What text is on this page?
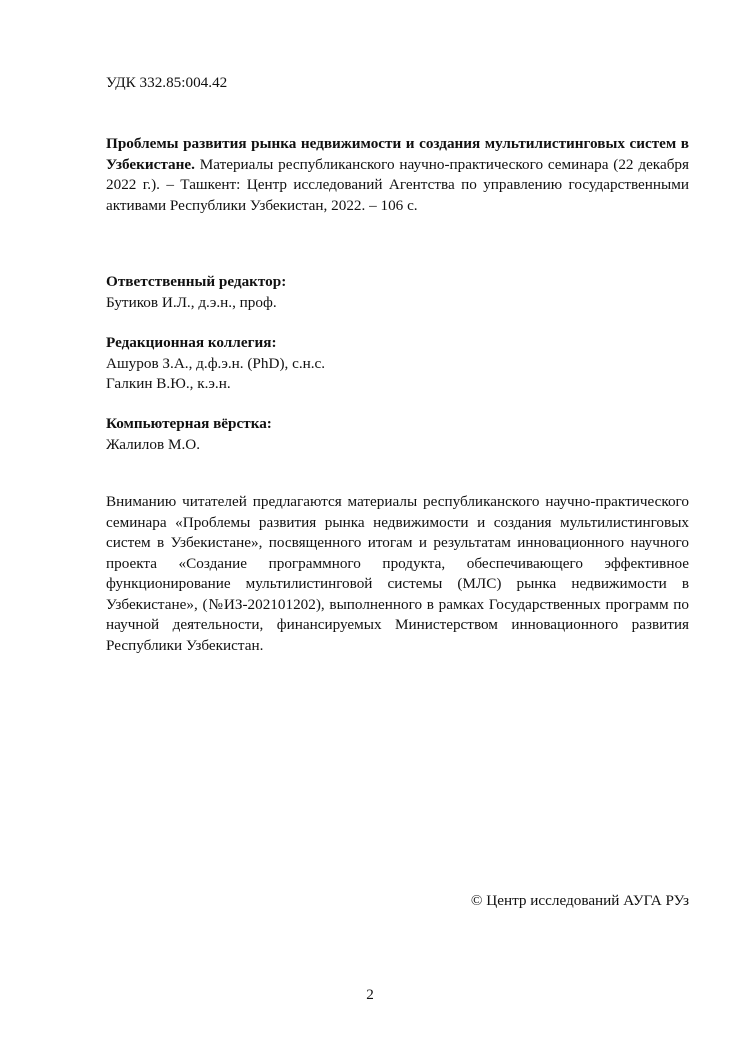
УДК 332.85:004.42

Проблемы развития рынка недвижимости и создания мультилистинговых систем в Узбекистане. Материалы республиканского научно-практического семинара (22 декабря 2022 г.). – Ташкент: Центр исследований Агентства по управлению государственными активами Республики Узбекистан, 2022. – 106 с.

Ответственный редактор:

Бутиков И.Л., д.э.н., проф.

Редакционная коллегия:

Ашуров З.А., д.ф.э.н. (PhD), с.н.с.

Галкин В.Ю., к.э.н.

Компьютерная вёрстка:

Жалилов М.О.

Вниманию читателей предлагаются материалы республиканского научно-практического семинара «Проблемы развития рынка недвижимости и создания мультилистинговых систем в Узбекистане», посвященного итогам и результатам инновационного научного проекта «Создание программного продукта, обеспечивающего эффективное функционирование мультилистинговой системы (МЛС) рынка недвижимости в Узбекистане», (№ИЗ-202101202), выполненного в рамках Государственных программ по научной деятельности, финансируемых Министерством инновационного развития Республики Узбекистан.

© Центр исследований АУГА РУз

2
